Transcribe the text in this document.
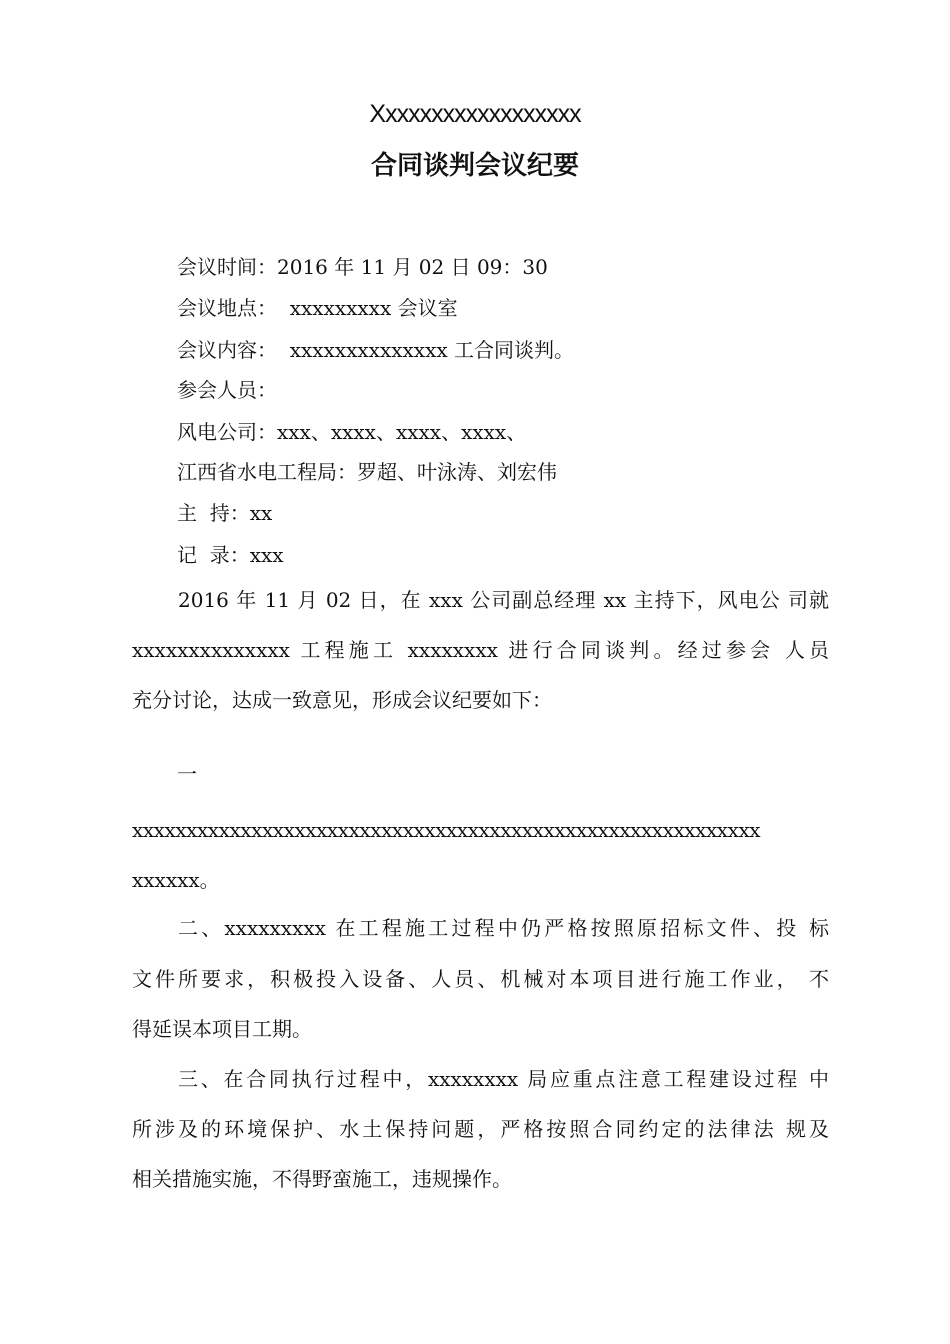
Xxxxxxxxxxxxxxxxxx
合同谈判会议纪要
会议时间：2016 年 11 月 02 日 09：30
会议地点：  xxxxxxxxx 会议室
会议内容：  xxxxxxxxxxxxxx 工合同谈判。
参会人员：
风电公司：xxx、xxxx、xxxx、xxxx、
江西省水电工程局：罗超、叶泳涛、刘宏伟
主  持：xx
记  录：xxx
2016 年 11 月 02 日，在 xxx 公司副总经理 xx 主持下，风电公 司就
xxxxxxxxxxxxxx 工程施工 xxxxxxxx 进行合同谈判。经过参会 人员
充分讨论，达成一致意见，形成会议纪要如下：
一
xxxxxxxxxxxxxxxxxxxxxxxxxxxxxxxxxxxxxxxxxxxxxxxxxxxxxxxxxx
xxxxxx。
二、xxxxxxxxx 在工程施工过程中仍严格按照原招标文件、投 标
文件所要求，积极投入设备、人员、机械对本项目进行施工作业， 不
得延误本项目工期。
三、在合同执行过程中，xxxxxxxx 局应重点注意工程建设过程 中
所涉及的环境保护、水土保持问题，严格按照合同约定的法律法 规及
相关措施实施，不得野蛮施工，违规操作。
